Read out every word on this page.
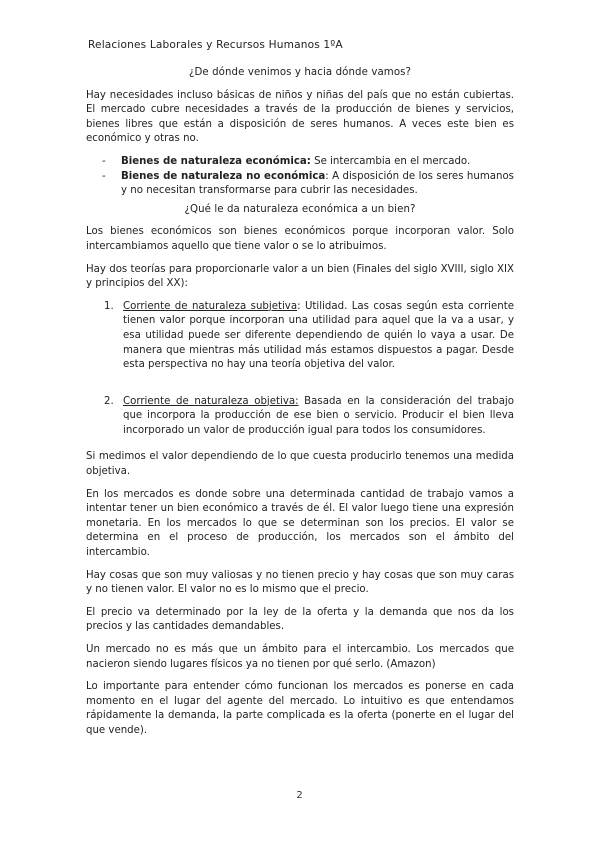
Relaciones Laborales y Recursos Humanos 1ºA
¿De dónde venimos y hacia dónde vamos?

Hay necesidades incluso básicas de niños y niñas del país que no están cubiertas. El mercado cubre necesidades a través de la producción de bienes y servicios, bienes libres que están a disposición de seres humanos. A veces este bien es económico y otras no.

- Bienes de naturaleza económica: Se intercambia en el mercado.
- Bienes de naturaleza no económica: A disposición de los seres humanos y no necesitan transformarse para cubrir las necesidades.
¿Qué le da naturaleza económica a un bien?

Los bienes económicos son bienes económicos porque incorporan valor. Solo intercambiamos aquello que tiene valor o se lo atribuimos.

Hay dos teorías para proporcionarle valor a un bien (Finales del siglo XVIII, siglo XIX y principios del XX):

1. Corriente de naturaleza subjetiva: Utilidad. Las cosas según esta corriente tienen valor porque incorporan una utilidad para aquel que la va a usar, y esa utilidad puede ser diferente dependiendo de quién lo vaya a usar. De manera que mientras más utilidad más estamos dispuestos a pagar. Desde esta perspectiva no hay una teoría objetiva del valor.
2. Corriente de naturaleza objetiva: Basada en la consideración del trabajo que incorpora la producción de ese bien o servicio. Producir el bien lleva incorporado un valor de producción igual para todos los consumidores.

Si medimos el valor dependiendo de lo que cuesta producirlo tenemos una medida objetiva.

En los mercados es donde sobre una determinada cantidad de trabajo vamos a intentar tener un bien económico a través de él. El valor luego tiene una expresión monetaria. En los mercados lo que se determinan son los precios. El valor se determina en el proceso de producción, los mercados son el ámbito del intercambio.

Hay cosas que son muy valiosas y no tienen precio y hay cosas que son muy caras y no tienen valor. El valor no es lo mismo que el precio.

El precio va determinado por la ley de la oferta y la demanda que nos da los precios y las cantidades demandables.

Un mercado no es más que un ámbito para el intercambio. Los mercados que nacieron siendo lugares físicos ya no tienen por qué serlo. (Amazon)

Lo importante para entender cómo funcionan los mercados es ponerse en cada momento en el lugar del agente del mercado. Lo intuitivo es que entendamos rápidamente la demanda, la parte complicada es la oferta (ponerte en el lugar del que vende).

2
